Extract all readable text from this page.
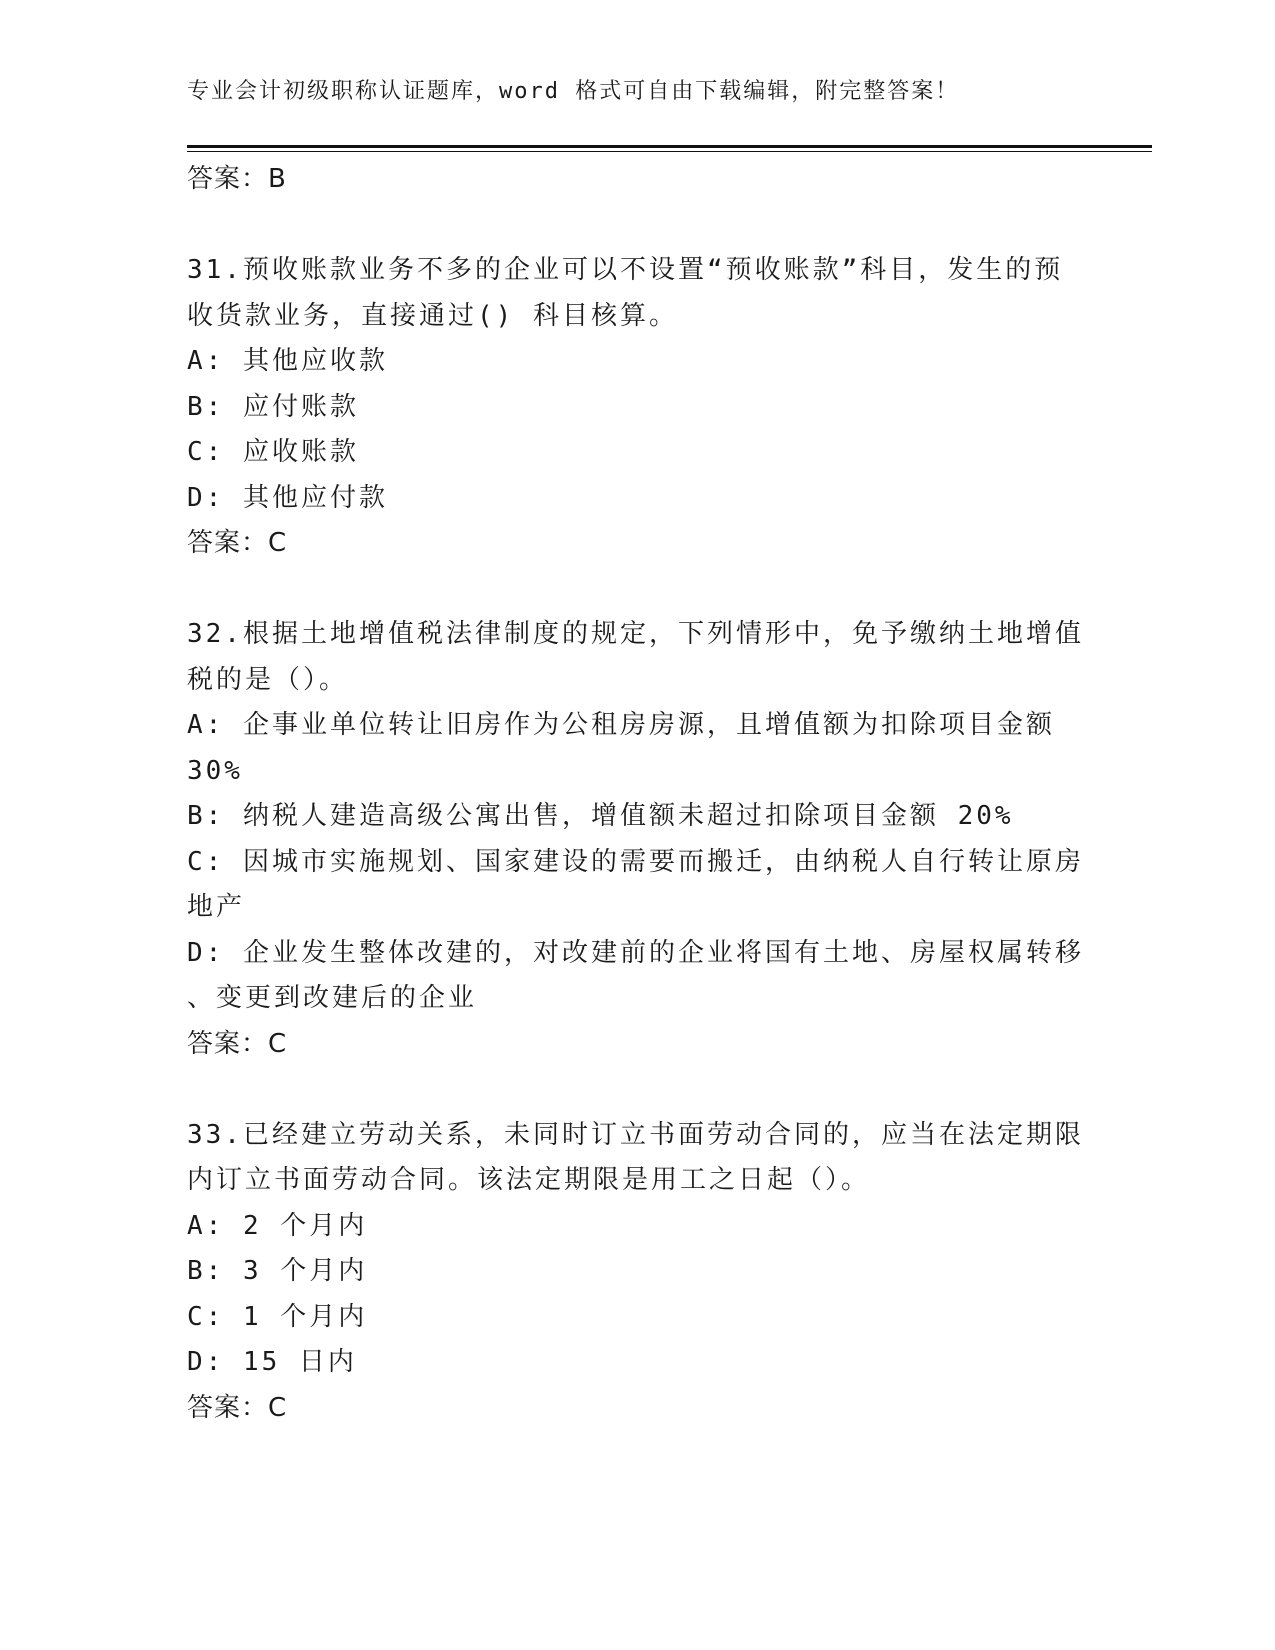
专业会计初级职称认证题库，word 格式可自由下载编辑，附完整答案！
答案：B
31.预收账款业务不多的企业可以不设置“预收账款”科目，发生的预
收货款业务，直接通过() 科目核算。
A: 其他应收款
B: 应付账款
C: 应收账款
D: 其他应付款
答案：C
32.根据土地增值税法律制度的规定，下列情形中，免予缴纳土地增值
税的是（）。
A: 企事业单位转让旧房作为公租房房源，且增值额为扣除项目金额
30%
B: 纳税人建造高级公寓出售，增值额未超过扣除项目金额 20%
C: 因城市实施规划、国家建设的需要而搬迁，由纳税人自行转让原房
地产
D: 企业发生整体改建的，对改建前的企业将国有土地、房屋权属转移
、变更到改建后的企业
答案：C
33.已经建立劳动关系，未同时订立书面劳动合同的，应当在法定期限
内订立书面劳动合同。该法定期限是用工之日起（）。
A: 2 个月内
B: 3 个月内
C: 1 个月内
D: 15 日内
答案：C
